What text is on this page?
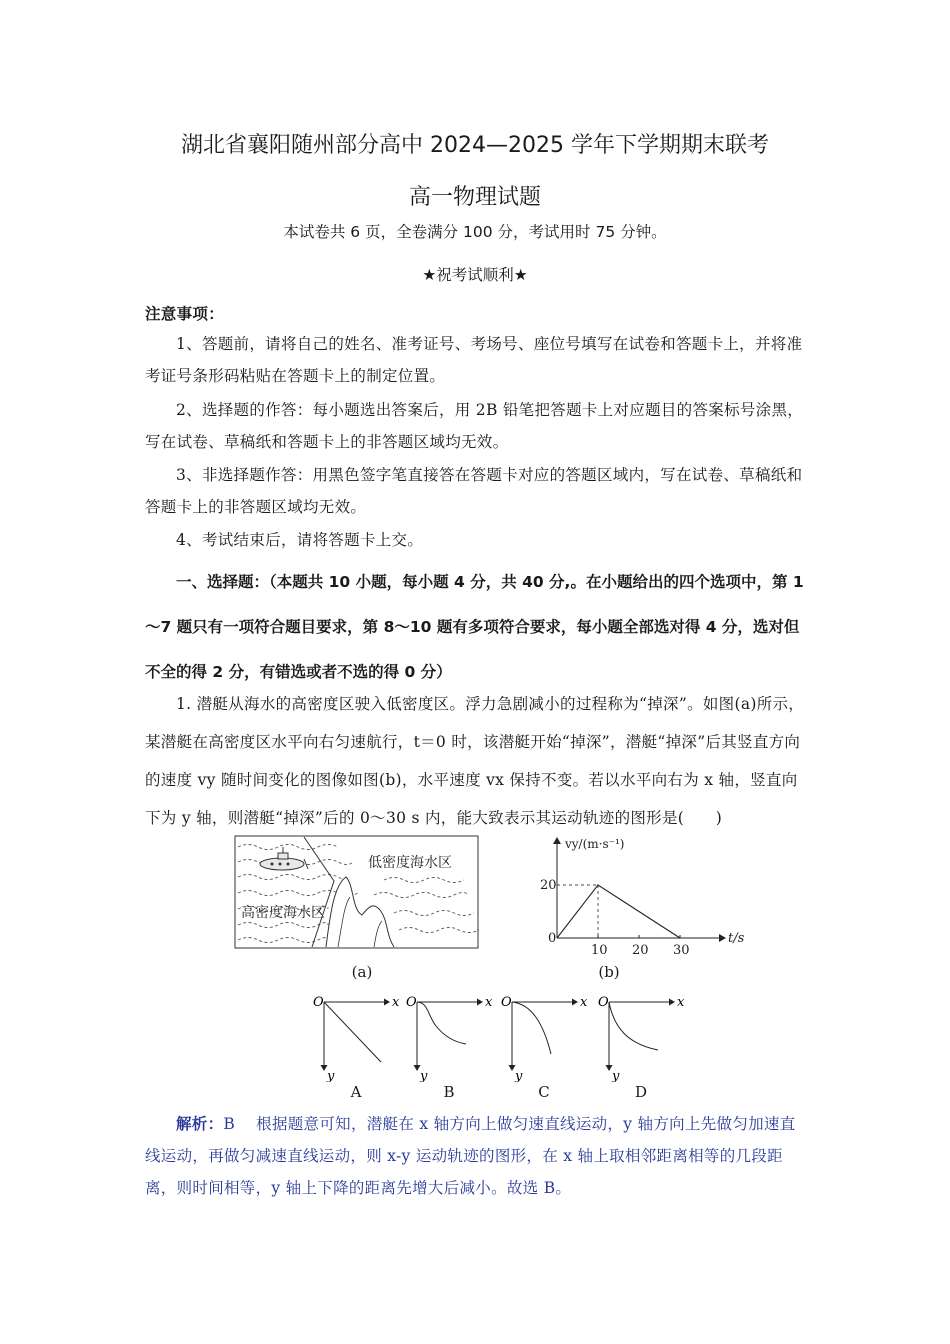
湖北省襄阳随州部分高中 2024—2025 学年下学期期末联考
高一物理试题
本试卷共 6 页，全卷满分 100 分，考试用时 75 分钟。
★祝考试顺利★
注意事项：
1、答题前，请将自己的姓名、准考证号、考场号、座位号填写在试卷和答题卡上，并将准考证号条形码粘贴在答题卡上的制定位置。
2、选择题的作答：每小题选出答案后，用 2B 铅笔把答题卡上对应题目的答案标号涂黑，写在试卷、草稿纸和答题卡上的非答题区域均无效。
3、非选择题作答：用黑色签字笔直接答在答题卡对应的答题区域内，写在试卷、草稿纸和答题卡上的非答题区域均无效。
4、考试结束后，请将答题卡上交。
一、选择题：（本题共 10 小题，每小题 4 分，共 40 分,。在小题给出的四个选项中，第 1～7 题只有一项符合题目要求，第 8～10 题有多项符合要求，每小题全部选对得 4 分，选对但不全的得 2 分，有错选或者不选的得 0 分）
1. 潜艇从海水的高密度区驶入低密度区。浮力急剧减小的过程称为“掉深”。如图(a)所示，某潜艇在高密度区水平向右匀速航行，t＝0 时，该潜艇开始“掉深”，潜艇“掉深”后其竖直方向的速度 vy 随时间变化的图像如图(b)，水平速度 vx 保持不变。若以水平向右为 x 轴，竖直向下为 y 轴，则潜艇“掉深”后的 0～30 s 内，能大致表示其运动轨迹的图形是(　　)
低密度海水区
高密度海水区
(a)
10 20 30
vy/(m·s⁻¹)
t/s
20
0
(b)
O	x
y
A
O	x
y
B
O	x
y
C
O	x
y
D
解析：B　 根据题意可知，潜艇在 x 轴方向上做匀速直线运动，y 轴方向上先做匀加速直线运动，再做匀减速直线运动，则 x-y 运动轨迹的图形，在 x 轴上取相邻距离相等的几段距离，则时间相等，y 轴上下降的距离先增大后减小。故选 B。
